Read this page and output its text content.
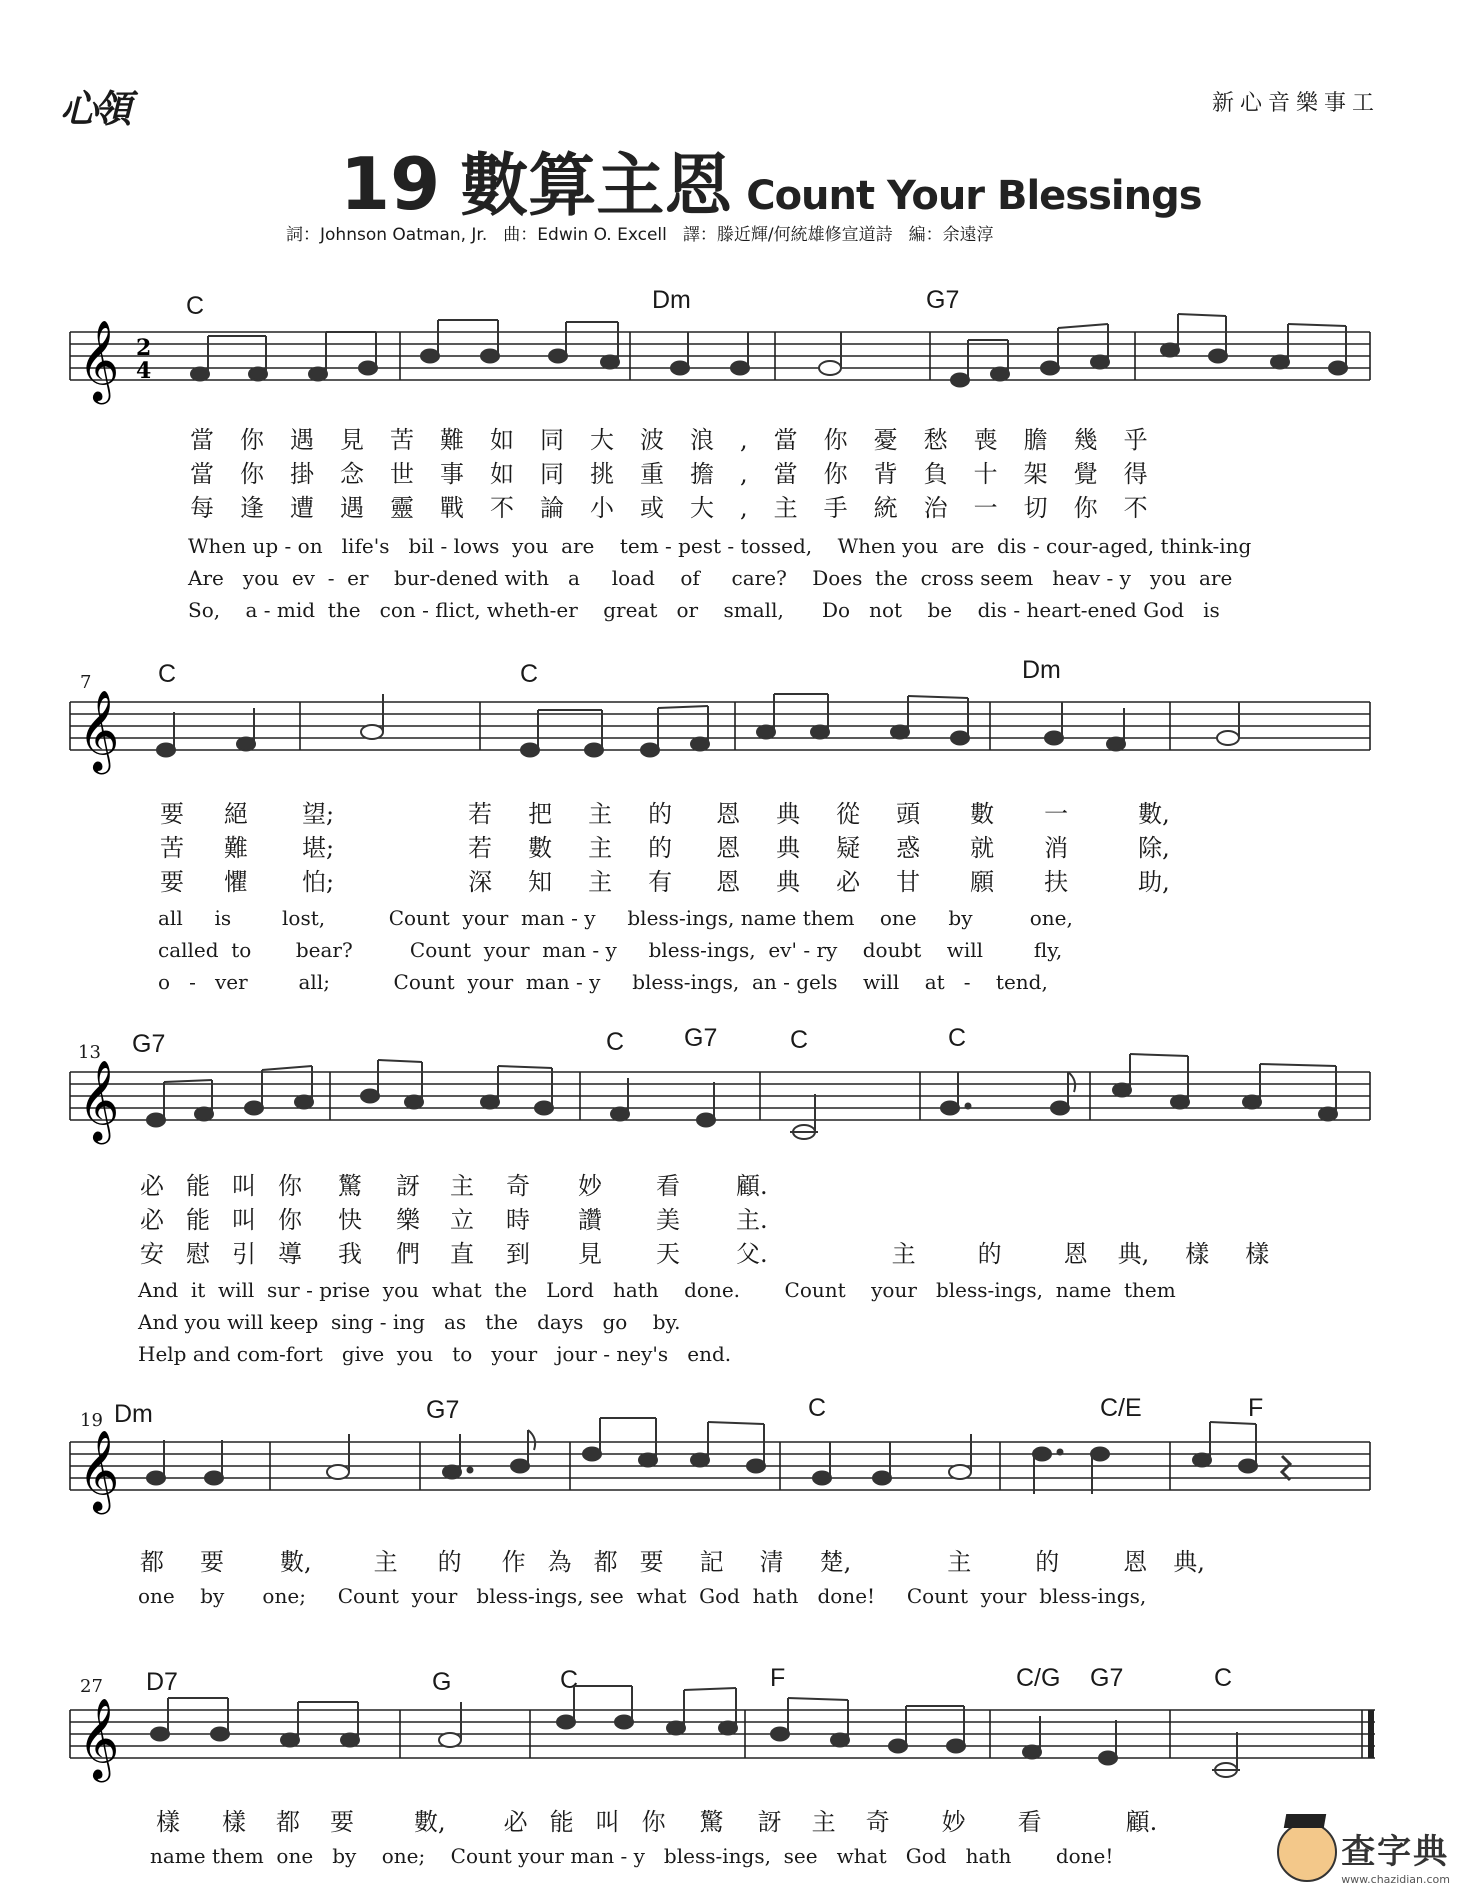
心領	新心音樂事工
19 數算主恩 Count Your Blessings
詞：Johnson Oatman, Jr. 曲：Edwin O. Excell 譯：滕近輝/何統雄修宣道詩 編：余遠淳
C	Dm	G7
𝄞 2
4
當你遇見苦難如同大波浪,當你憂愁喪膽幾乎
當你掛念世事如同挑重擔,當你背負十架覺得
每逢遭遇靈戰不論小或大,主手統治一切你不
When up - on   life's   bil - lows  you  are    tem - pest - tossed,    When you  are  dis - cour-aged, think-ing
Are   you  ev  -  er    bur-dened with   a     load    of     care?    Does  the  cross seem   heav - y   you  are
So,    a - mid  the   con - flict, wheth-er    great   or    small,      Do   not    be    dis - heart-ened God   is
7	C	C	Dm
𝄞
要 絕 望;	若 把 主 的 恩 典 從 頭 數 一	數,
苦 難 堪;	若 數 主 的 恩 典 疑 惑 就 消	除,
要 懼 怕;	深 知 主 有 恩 典 必 甘 願 扶	助,
all     is        lost,          Count  your  man - y     bless-ings, name them    one     by         one,
called  to       bear?         Count  your  man - y     bless-ings,  ev' - ry    doubt    will        fly,
o   -   ver        all;          Count  your  man - y     bless-ings,  an - gels    will    at   -    tend,
13 G7	C G7	C	C
𝄞
必 能 叫 你 驚 訝 主 奇 妙 看 顧.
必 能 叫 你 快 樂 立 時 讚 美 主.
安 慰 引 導 我 們 直 到 見 天 父.	主	的	恩 典, 樣 樣
And  it  will  sur - prise  you  what  the   Lord   hath    done.       Count    your   bless-ings,  name  them
And you will keep  sing - ing   as   the   days   go    by.
Help and com-fort   give  you   to   your   jour - ney's   end.
19 Dm	G7	C	C/E	F
𝄞
都 要 數,	主 的 作 為 都 要 記 清 楚,	主	的	恩 典,
one    by      one;     Count  your   bless-ings, see  what  God  hath   done!     Count  your  bless-ings,
27 D7	G	C	F	C/G G7	C
𝄞
樣 樣 都 要	數, 必 能 叫 你 驚 訝 主 奇 妙 看	顧.
name them  one   by    one;    Count your man - y   bless-ings,  see   what   God   hath       done!	查字典
www.chazidian.com
